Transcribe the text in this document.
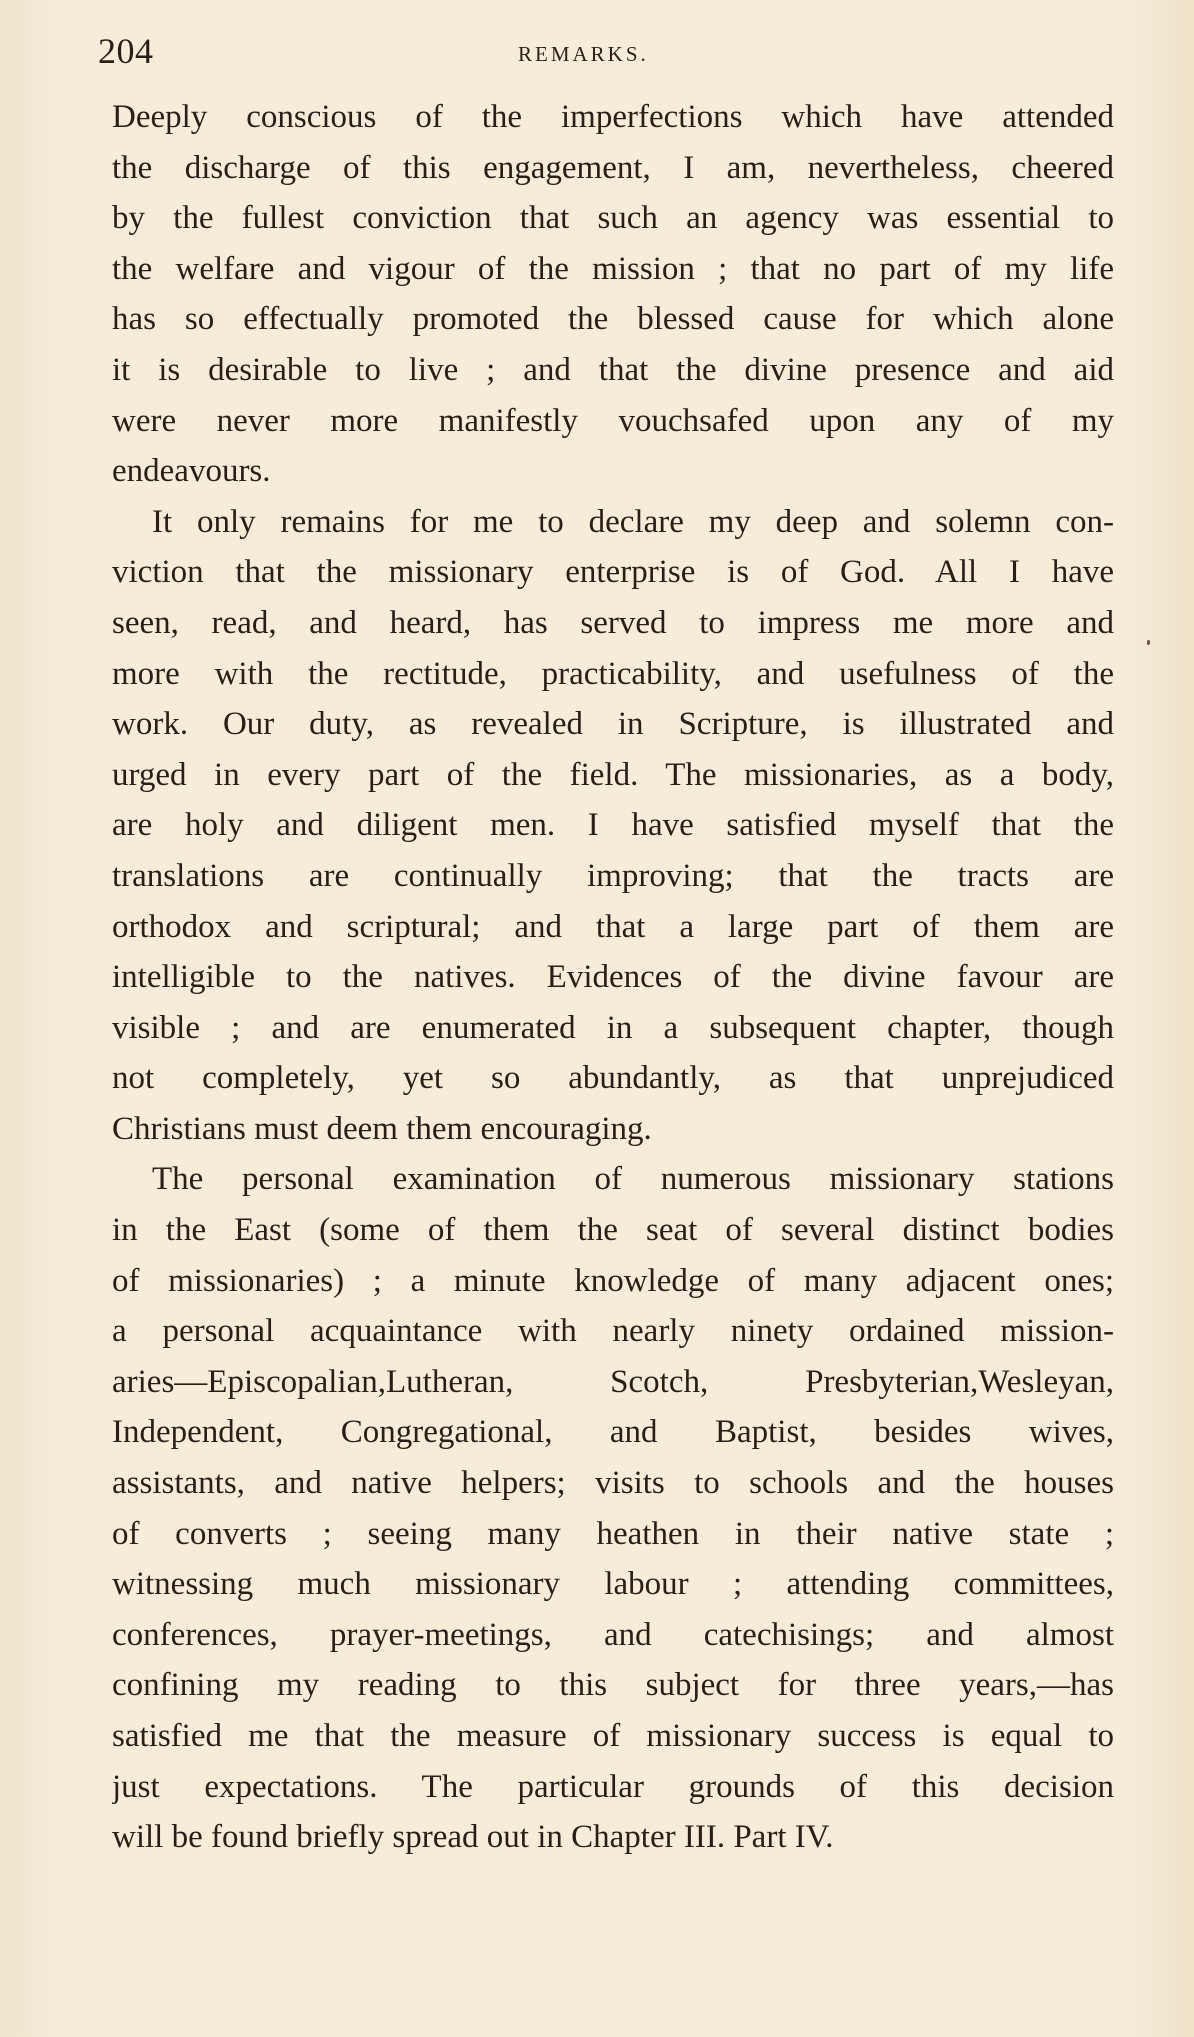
204	REMARKS.
Deeply conscious of the imperfections which have attended
the discharge of this engagement, I am, nevertheless, cheered
by the fullest conviction that such an agency was essential to
the welfare and vigour of the mission ; that no part of my life
has so effectually promoted the blessed cause for which alone
it is desirable to live ; and that the divine presence and aid
were never more manifestly vouchsafed upon any of my
endeavours.
It only remains for me to declare my deep and solemn con-
viction that the missionary enterprise is of God. All I have
seen, read, and heard, has served to impress me more and
more with the rectitude, practicability, and usefulness of the
work. Our duty, as revealed in Scripture, is illustrated and
urged in every part of the field. The missionaries, as a body,
are holy and diligent men. I have satisfied myself that the
translations are continually improving; that the tracts are
orthodox and scriptural; and that a large part of them are
intelligible to the natives. Evidences of the divine favour are
visible ; and are enumerated in a subsequent chapter, though
not completely, yet so abundantly, as that unprejudiced
Christians must deem them encouraging.
The personal examination of numerous missionary stations
in the East (some of them the seat of several distinct bodies
of missionaries) ; a minute knowledge of many adjacent ones;
a personal acquaintance with nearly ninety ordained mission-
aries—Episcopalian,Lutheran, Scotch, Presbyterian,Wesleyan,
Independent, Congregational, and Baptist, besides wives,
assistants, and native helpers; visits to schools and the houses
of converts ; seeing many heathen in their native state ;
witnessing much missionary labour ; attending committees,
conferences, prayer-meetings, and catechisings; and almost
confining my reading to this subject for three years,—has
satisfied me that the measure of missionary success is equal to
just expectations. The particular grounds of this decision
will be found briefly spread out in Chapter III. Part IV.
